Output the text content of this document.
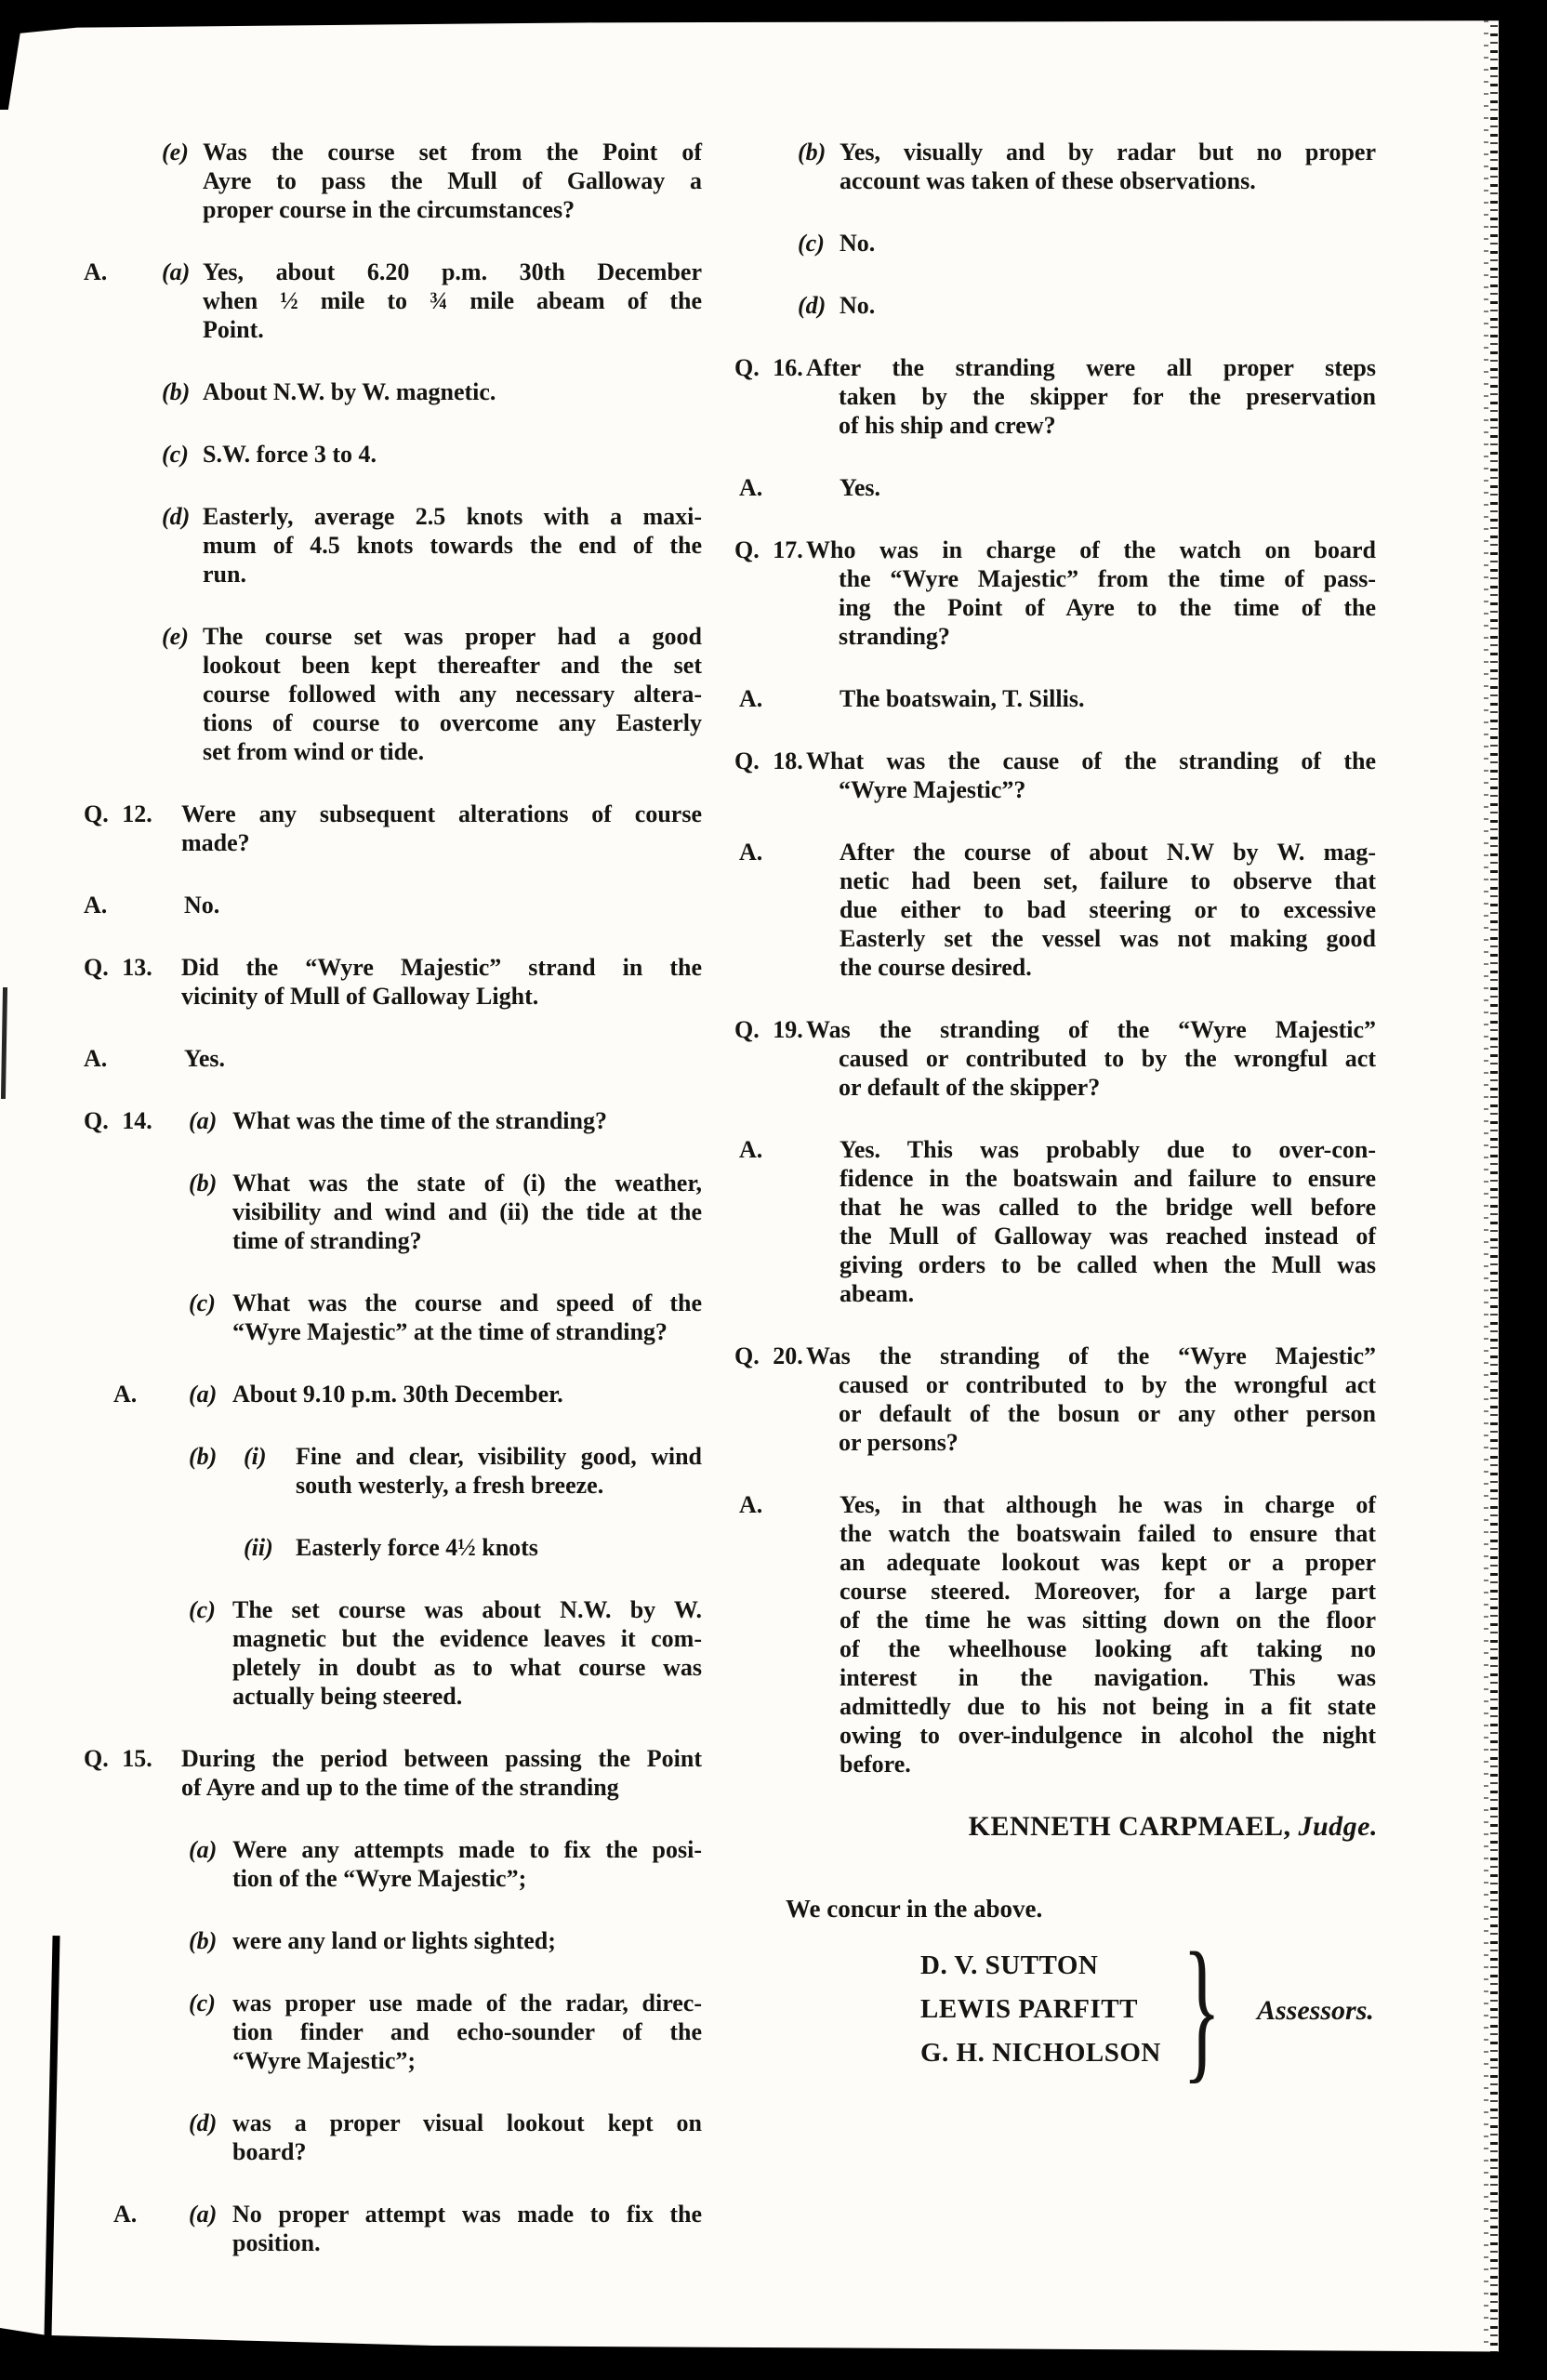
(e) Was the course set from the Point of
Ayre to pass the Mull of Galloway a
proper course in the circumstances?
A. (a) Yes, about 6.20 p.m. 30th December
when ½ mile to ¾ mile abeam of the
Point.
(b) About N.W. by W. magnetic.
(c) S.W. force 3 to 4.
(d) Easterly, average 2.5 knots with a maxi-
mum of 4.5 knots towards the end of the
run.
(e) The course set was proper had a good
lookout been kept thereafter and the set
course followed with any necessary altera-
tions of course to overcome any Easterly
set from wind or tide.
Q. 12. Were any subsequent alterations of course
made?
A.	No.
Q. 13. Did the “Wyre Majestic” strand in the
vicinity of Mull of Galloway Light.
A.	Yes.
Q. 14. (a) What was the time of the stranding?
(b) What was the state of (i) the weather,
visibility and wind and (ii) the tide at the
time of stranding?
(c) What was the course and speed of the
“Wyre Majestic” at the time of stranding?
A. (a) About 9.10 p.m. 30th December.
(b) (i) Fine and clear, visibility good, wind
south westerly, a fresh breeze.
(ii) Easterly force 4½ knots
(c) The set course was about N.W. by W.
magnetic but the evidence leaves it com-
pletely in doubt as to what course was
actually being steered.
Q. 15. During the period between passing the Point
of Ayre and up to the time of the stranding
(a) Were any attempts made to fix the posi-
tion of the “Wyre Majestic”;
(b) were any land or lights sighted;
(c) was proper use made of the radar, direc-
tion finder and echo-sounder of the
“Wyre Majestic”;
(d) was a proper visual lookout kept on
board?
A. (a) No proper attempt was made to fix the
position.
(b) Yes, visually and by radar but no proper
account was taken of these observations.
(c) No.
(d) No.
Q. 16. After the stranding were all proper steps
taken by the skipper for the preservation
of his ship and crew?
A.	Yes.
Q. 17. Who was in charge of the watch on board
the “Wyre Majestic” from the time of pass-
ing the Point of Ayre to the time of the
stranding?
A.	The boatswain, T. Sillis.
Q. 18. What was the cause of the stranding of the
“Wyre Majestic”?
A.	After the course of about N.W by W. mag-
netic had been set, failure to observe that
due either to bad steering or to excessive
Easterly set the vessel was not making good
the course desired.
Q. 19. Was the stranding of the “Wyre Majestic”
caused or contributed to by the wrongful act
or default of the skipper?
A.	Yes. This was probably due to over-con-
fidence in the boatswain and failure to ensure
that he was called to the bridge well before
the Mull of Galloway was reached instead of
giving orders to be called when the Mull was
abeam.
Q. 20. Was the stranding of the “Wyre Majestic”
caused or contributed to by the wrongful act
or default of the bosun or any other person
or persons?
A.	Yes, in that although he was in charge of
the watch the boatswain failed to ensure that
an adequate lookout was kept or a proper
course steered. Moreover, for a large part
of the time he was sitting down on the floor
of the wheelhouse looking aft taking no
interest in the navigation. This was
admittedly due to his not being in a fit state
owing to over-indulgence in alcohol the night
before.
KENNETH CARPMAEL, Judge.
We concur in the above.
D. V. SUTTON
LEWIS PARFITT
G. H. NICHOLSON } Assessors.
